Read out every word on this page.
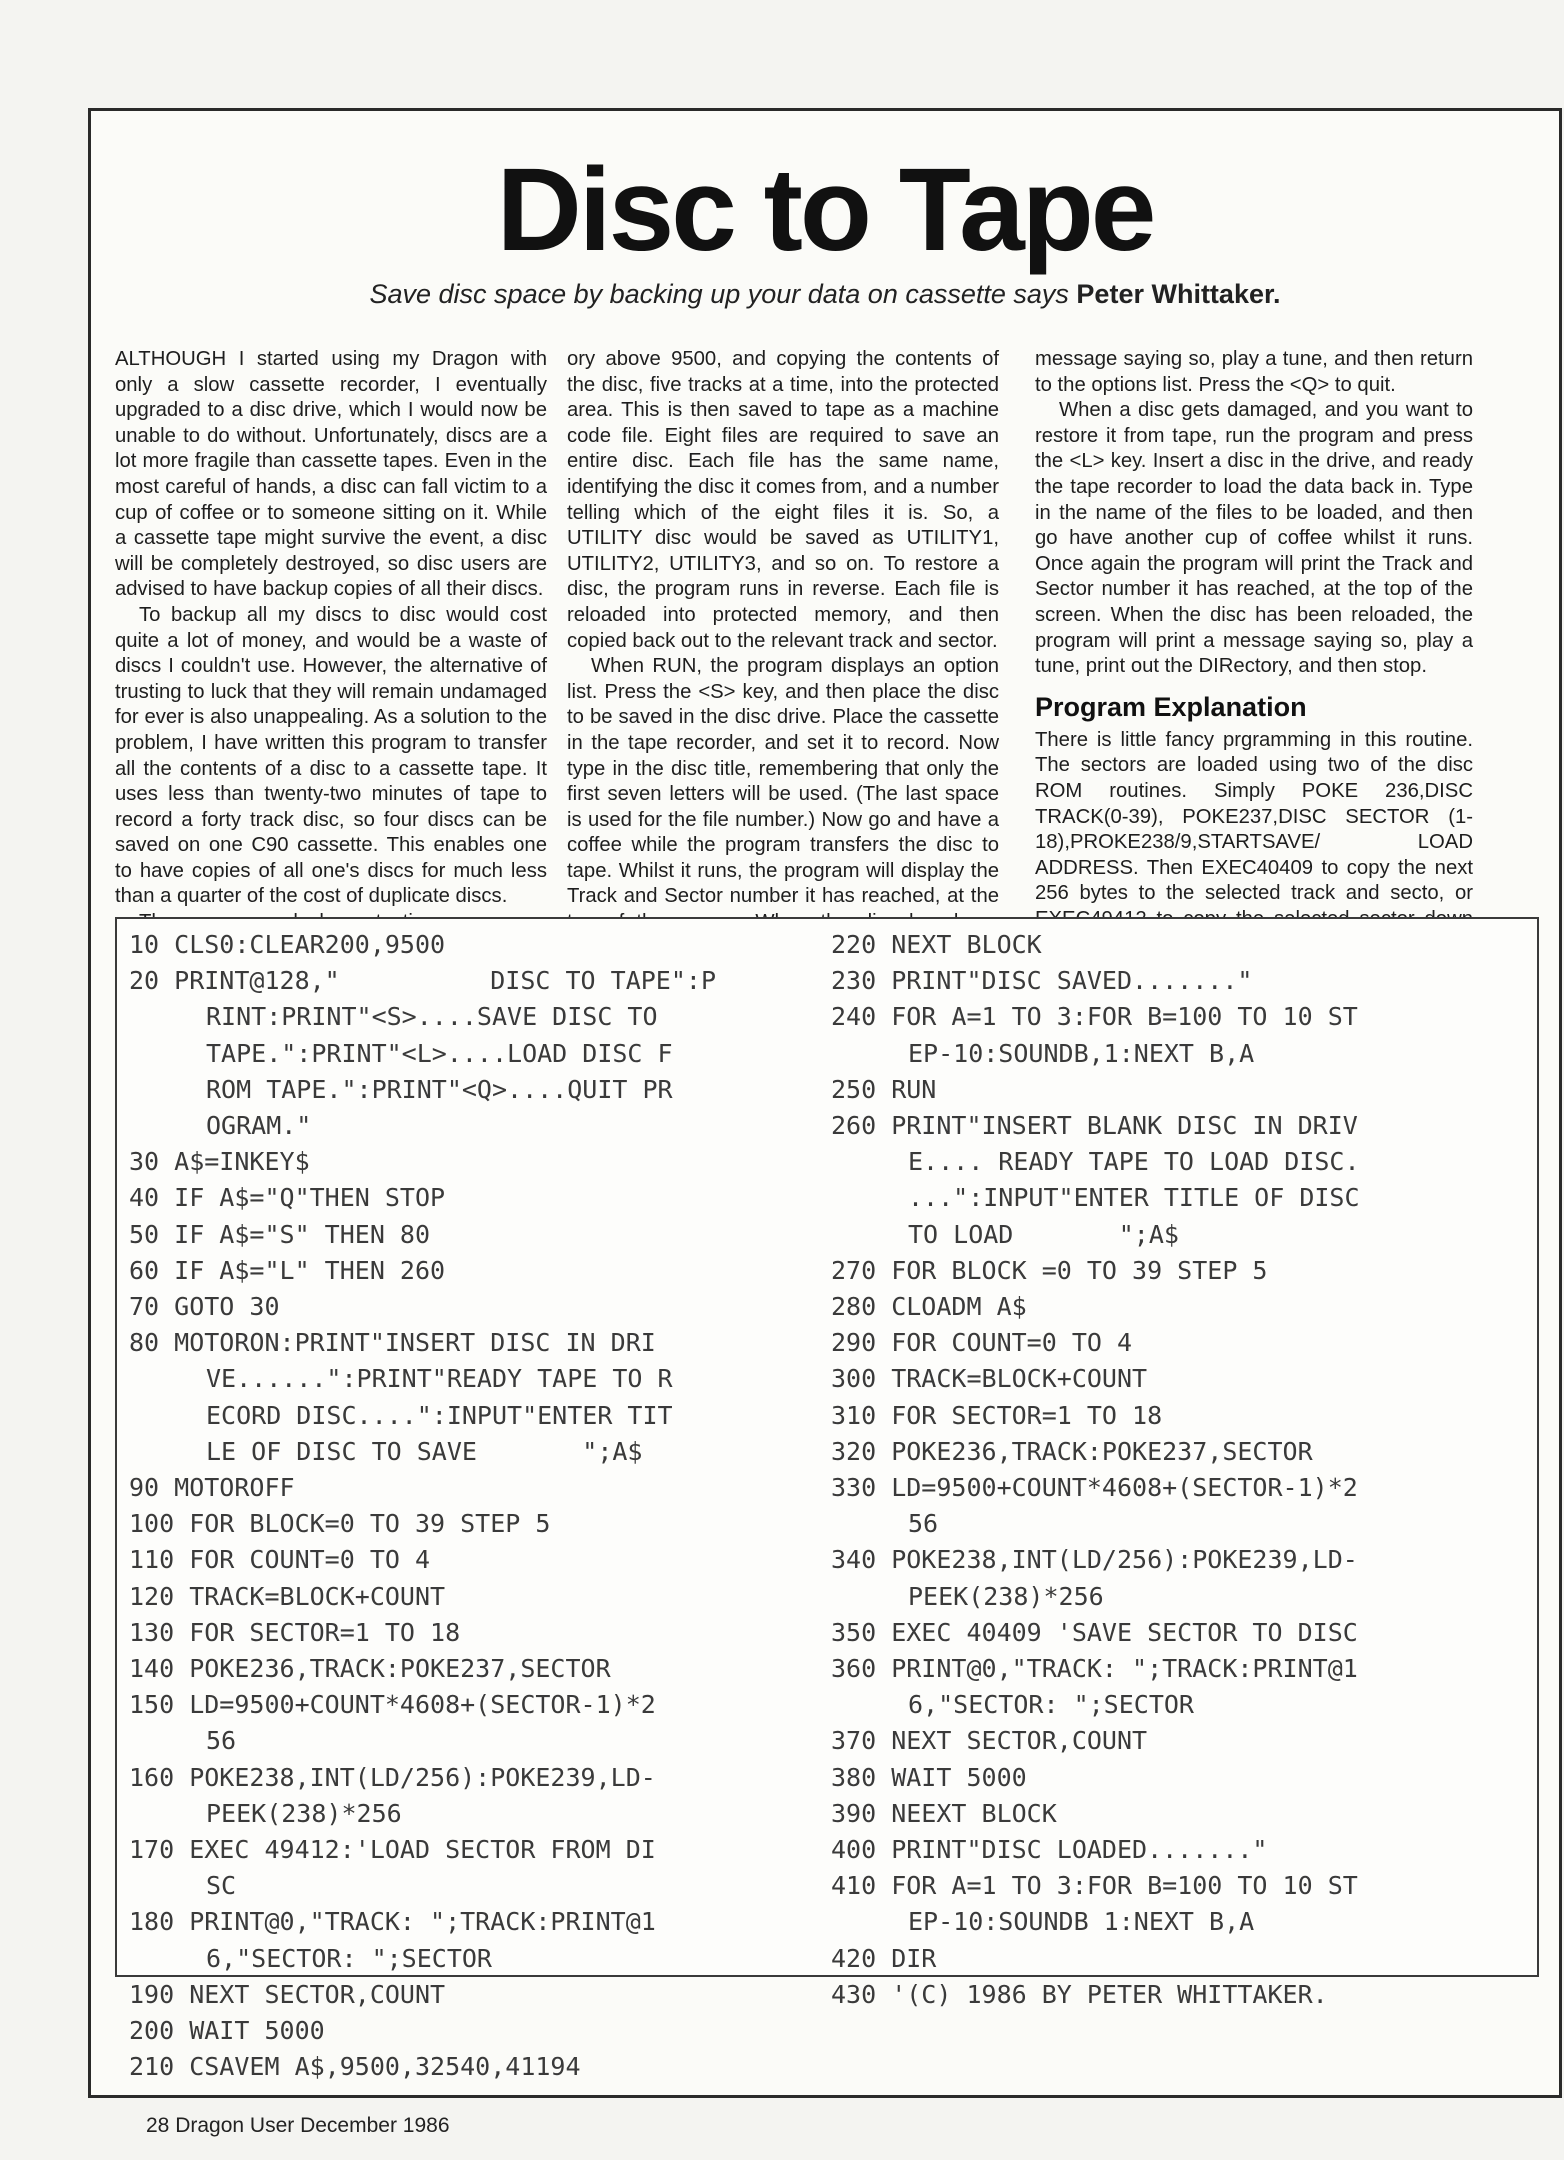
Disc to Tape
Save disc space by backing up your data on cassette says Peter Whittaker.

ALTHOUGH I started using my Dragon with only a slow cassette recorder, I eventually upgraded to a disc drive, which I would now be unable to do without. Unfortunately, discs are a lot more fragile than cassette tapes. Even in the most careful of hands, a disc can fall victim to a cup of coffee or to someone sitting on it. While a cassette tape might survive the event, a disc will be completely destroyed, so disc users are advised to have backup copies of all their discs.

To backup all my discs to disc would cost quite a lot of money, and would be a waste of discs I couldn't use. However, the alternative of trusting to luck that they will remain undamaged for ever is also unappealing. As a solution to the problem, I have written this program to transfer all the contents of a disc to a cassette tape. It uses less than twenty-two minutes of tape to record a forty track disc, so four discs can be saved on one C90 cassette. This enables one to have copies of all one's discs for much less than a quarter of the cost of duplicate discs.

ory above 9500, and copying the contents of the disc, five tracks at a time, into the protected area. This is then saved to tape as a machine code file. Eight files are required to save an entire disc. Each file has the same name, identifying the disc it comes from, and a number telling which of the eight files it is. So, a UTILITY disc would be saved as UTILITY1, UTILITY2, UTILITY3, and so on. To restore a disc, the program runs in reverse. Each file is reloaded into protected memory, and then copied back out to the relevant track and sector.

When RUN, the program displays an option list. Press the <S> key, and then place the disc to be saved in the disc drive. Place the cassette in the tape recorder, and set it to record. Now type in the disc title, remembering that only the first seven letters will be used. (The last space is used for the file number.) Now go and have a coffee while the program transfers the disc to tape. Whilst it runs, the program will display the Track and Sector number it has reached, at the

message saying so, play a tune, and then return to the options list. Press the <Q> to quit.

When a disc gets damaged, and you want to restore it from tape, run the program and press the <L> key. Insert a disc in the drive, and ready the tape recorder to load the data back in. Type in the name of the files to be loaded, and then go have another cup of coffee whilst it runs. Once again the program will print the Track and Sector number it has reached, at the top of the screen. When the disc has been reloaded, the program will print a message saying so, play a tune, print out the DIRectory, and then stop.

Program Explanation

There is little fancy prgramming in this routine. The sectors are loaded using two of the disc ROM routines. Simply POKE 236,DISC TRACK(0-39), POKE237,DISC SECTOR (1-18),PROKE238/9,STARTSAVE/ LOAD ADDRESS. Then EXEC40409 to copy the next 256 bytes to the selected track and secto, or

10 CLS0:CLEAR200,9500
20 PRINT@128,"          DISC TO TAPE":P
RINT:PRINT"<S>....SAVE DISC TO
TAPE.":PRINT"<L>....LOAD DISC F
ROM TAPE.":PRINT"<Q>....QUIT PR
OGRAM."
30 A$=INKEY$
40 IF A$="Q"THEN STOP
50 IF A$="S" THEN 80
60 IF A$="L" THEN 260
70 GOTO 30
80 MOTORON:PRINT"INSERT DISC IN DRI
VE......":PRINT"READY TAPE TO R
ECORD DISC....":INPUT"ENTER TIT
LE OF DISC TO SAVE       ";A$
90 MOTOROFF
100 FOR BLOCK=0 TO 39 STEP 5
110 FOR COUNT=0 TO 4
120 TRACK=BLOCK+COUNT
130 FOR SECTOR=1 TO 18
140 POKE236,TRACK:POKE237,SECTOR
150 LD=9500+COUNT*4608+(SECTOR-1)*2
56
160 POKE238,INT(LD/256):POKE239,LD-
PEEK(238)*256
170 EXEC 49412:'LOAD SECTOR FROM DI
SC
180 PRINT@0,"TRACK: ";TRACK:PRINT@1
6,"SECTOR: ";SECTOR
190 NEXT SECTOR,COUNT
200 WAIT 5000
210 CSAVEM A$,9500,32540,41194
220 NEXT BLOCK
230 PRINT"DISC SAVED......."
240 FOR A=1 TO 3:FOR B=100 TO 10 ST
EP-10:SOUNDB,1:NEXT B,A
250 RUN
260 PRINT"INSERT BLANK DISC IN DRIV
E.... READY TAPE TO LOAD DISC.
...":INPUT"ENTER TITLE OF DISC
TO LOAD       ";A$
270 FOR BLOCK =0 TO 39 STEP 5
280 CLOADM A$
290 FOR COUNT=0 TO 4
300 TRACK=BLOCK+COUNT
310 FOR SECTOR=1 TO 18
320 POKE236,TRACK:POKE237,SECTOR
330 LD=9500+COUNT*4608+(SECTOR-1)*2
56
340 POKE238,INT(LD/256):POKE239,LD-
PEEK(238)*256
350 EXEC 40409 'SAVE SECTOR TO DISC
360 PRINT@0,"TRACK: ";TRACK:PRINT@1
6,"SECTOR: ";SECTOR
370 NEXT SECTOR,COUNT
380 WAIT 5000
390 NEEXT BLOCK
400 PRINT"DISC LOADED......."
410 FOR A=1 TO 3:FOR B=100 TO 10 ST
EP-10:SOUNDB 1:NEXT B,A
420 DIR
430 '(C) 1986 BY PETER WHITTAKER.
28 Dragon User December 1986
